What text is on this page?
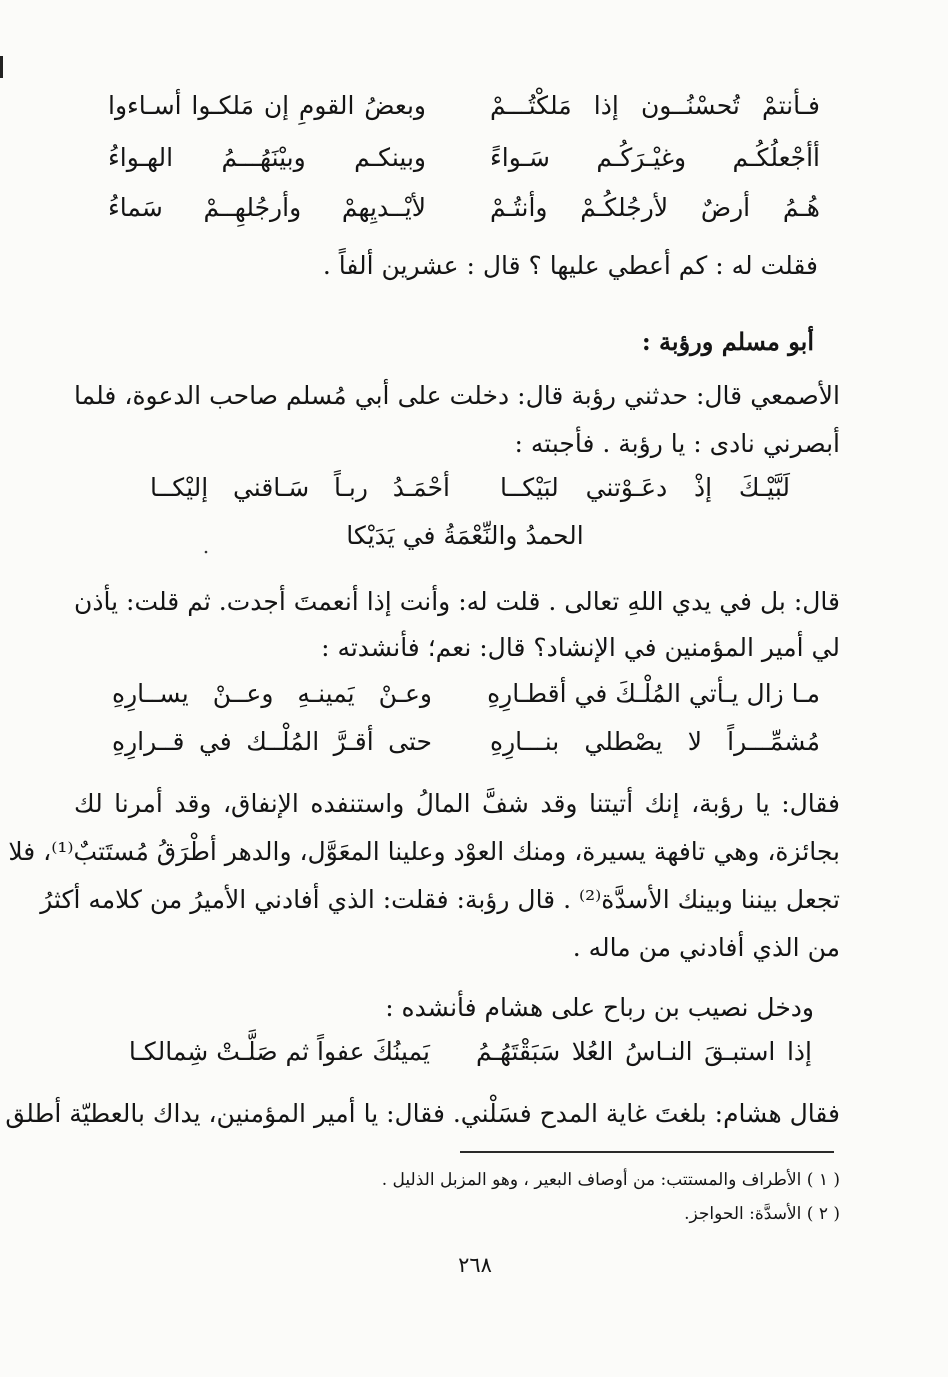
فـأنتمْ تُحسْنُــون إذا مَلكْتُـــمْ
وبعضُ القومِ إن مَلكـوا أسـاءوا
أأجْعلُكُـم وغيْـرَكُـم سَـواءً
وبينكـم وبيْنَهُـــمُ الهـواءُ
هُـمُ أرضٌ لأرجُلكُـمْ وأنتُـمْ
لأيْــديِهمْ وأرجُلهِــمْ سَماءُ
فقلت له : كم أعطي عليها ؟ قال : عشرين ألفاً .
أبو مسلم ورؤبة :
الأصمعي قال: حدثني رؤبة قال: دخلت على أبي مُسلم صاحب الدعوة، فلما
أبصرني نادى : يا رؤبة . فأجبته :
لَبَّيْـكَ إذْ دعَـوْتني لبَيْكــا
أحْمَـدُ ربـاً سَـاقني إليْكــا
الحمدُ والنِّعْمَةُ في يَدَيْكا
قال: بل في يدي اللهِ تعالى . قلت له: وأنت إذا أنعمتَ أجدت. ثم قلت: يأذن
لي أمير المؤمنين في الإنشاد؟ قال: نعم؛ فأنشدته :
مـا زال يـأتي المُلْـكَ في أقطـارِهِ
وعـنْ يَمينـهِ وعــنْ يســارِهِ
مُشمِّـــراً لا يصْطلي بنـــارِهِ
حتى أقـرَّ المُلْــك في قــرارِهِ
فقال: يا رؤبة، إنك أتيتنا وقد شفَّ المالُ واستنفده الإنفاق، وقد أمرنا لك
بجائزة، وهي تافهة يسيرة، ومنك العوْد وعلينا المعَوَّل، والدهر أطْرَقُ مُستَتبٌ⁽¹⁾، فلا
تجعل بيننا وبينك الأسدَّة⁽²⁾ . قال رؤبة: فقلت: الذي أفادني الأميرُ من كلامه أكثرُ
من الذي أفادني من ماله .
ودخل نصيب بن رباح على هشام فأنشده :
إذا استبـقَ النـاسُ العُلا سَبَقْتَهُـمُ
يَمينُكَ عفواً ثم صَلَّـتْ شِمالكـا
فقال هشام: بلغتَ غاية المدح فسَلْني. فقال: يا أمير المؤمنين، يداك بالعطيّة أطلق
( ١ ) الأطراف والمستتب: من أوصاف البعير ، وهو المزبل الذليل .
( ٢ ) الأسدَّة: الحواجز.
٢٦٨
